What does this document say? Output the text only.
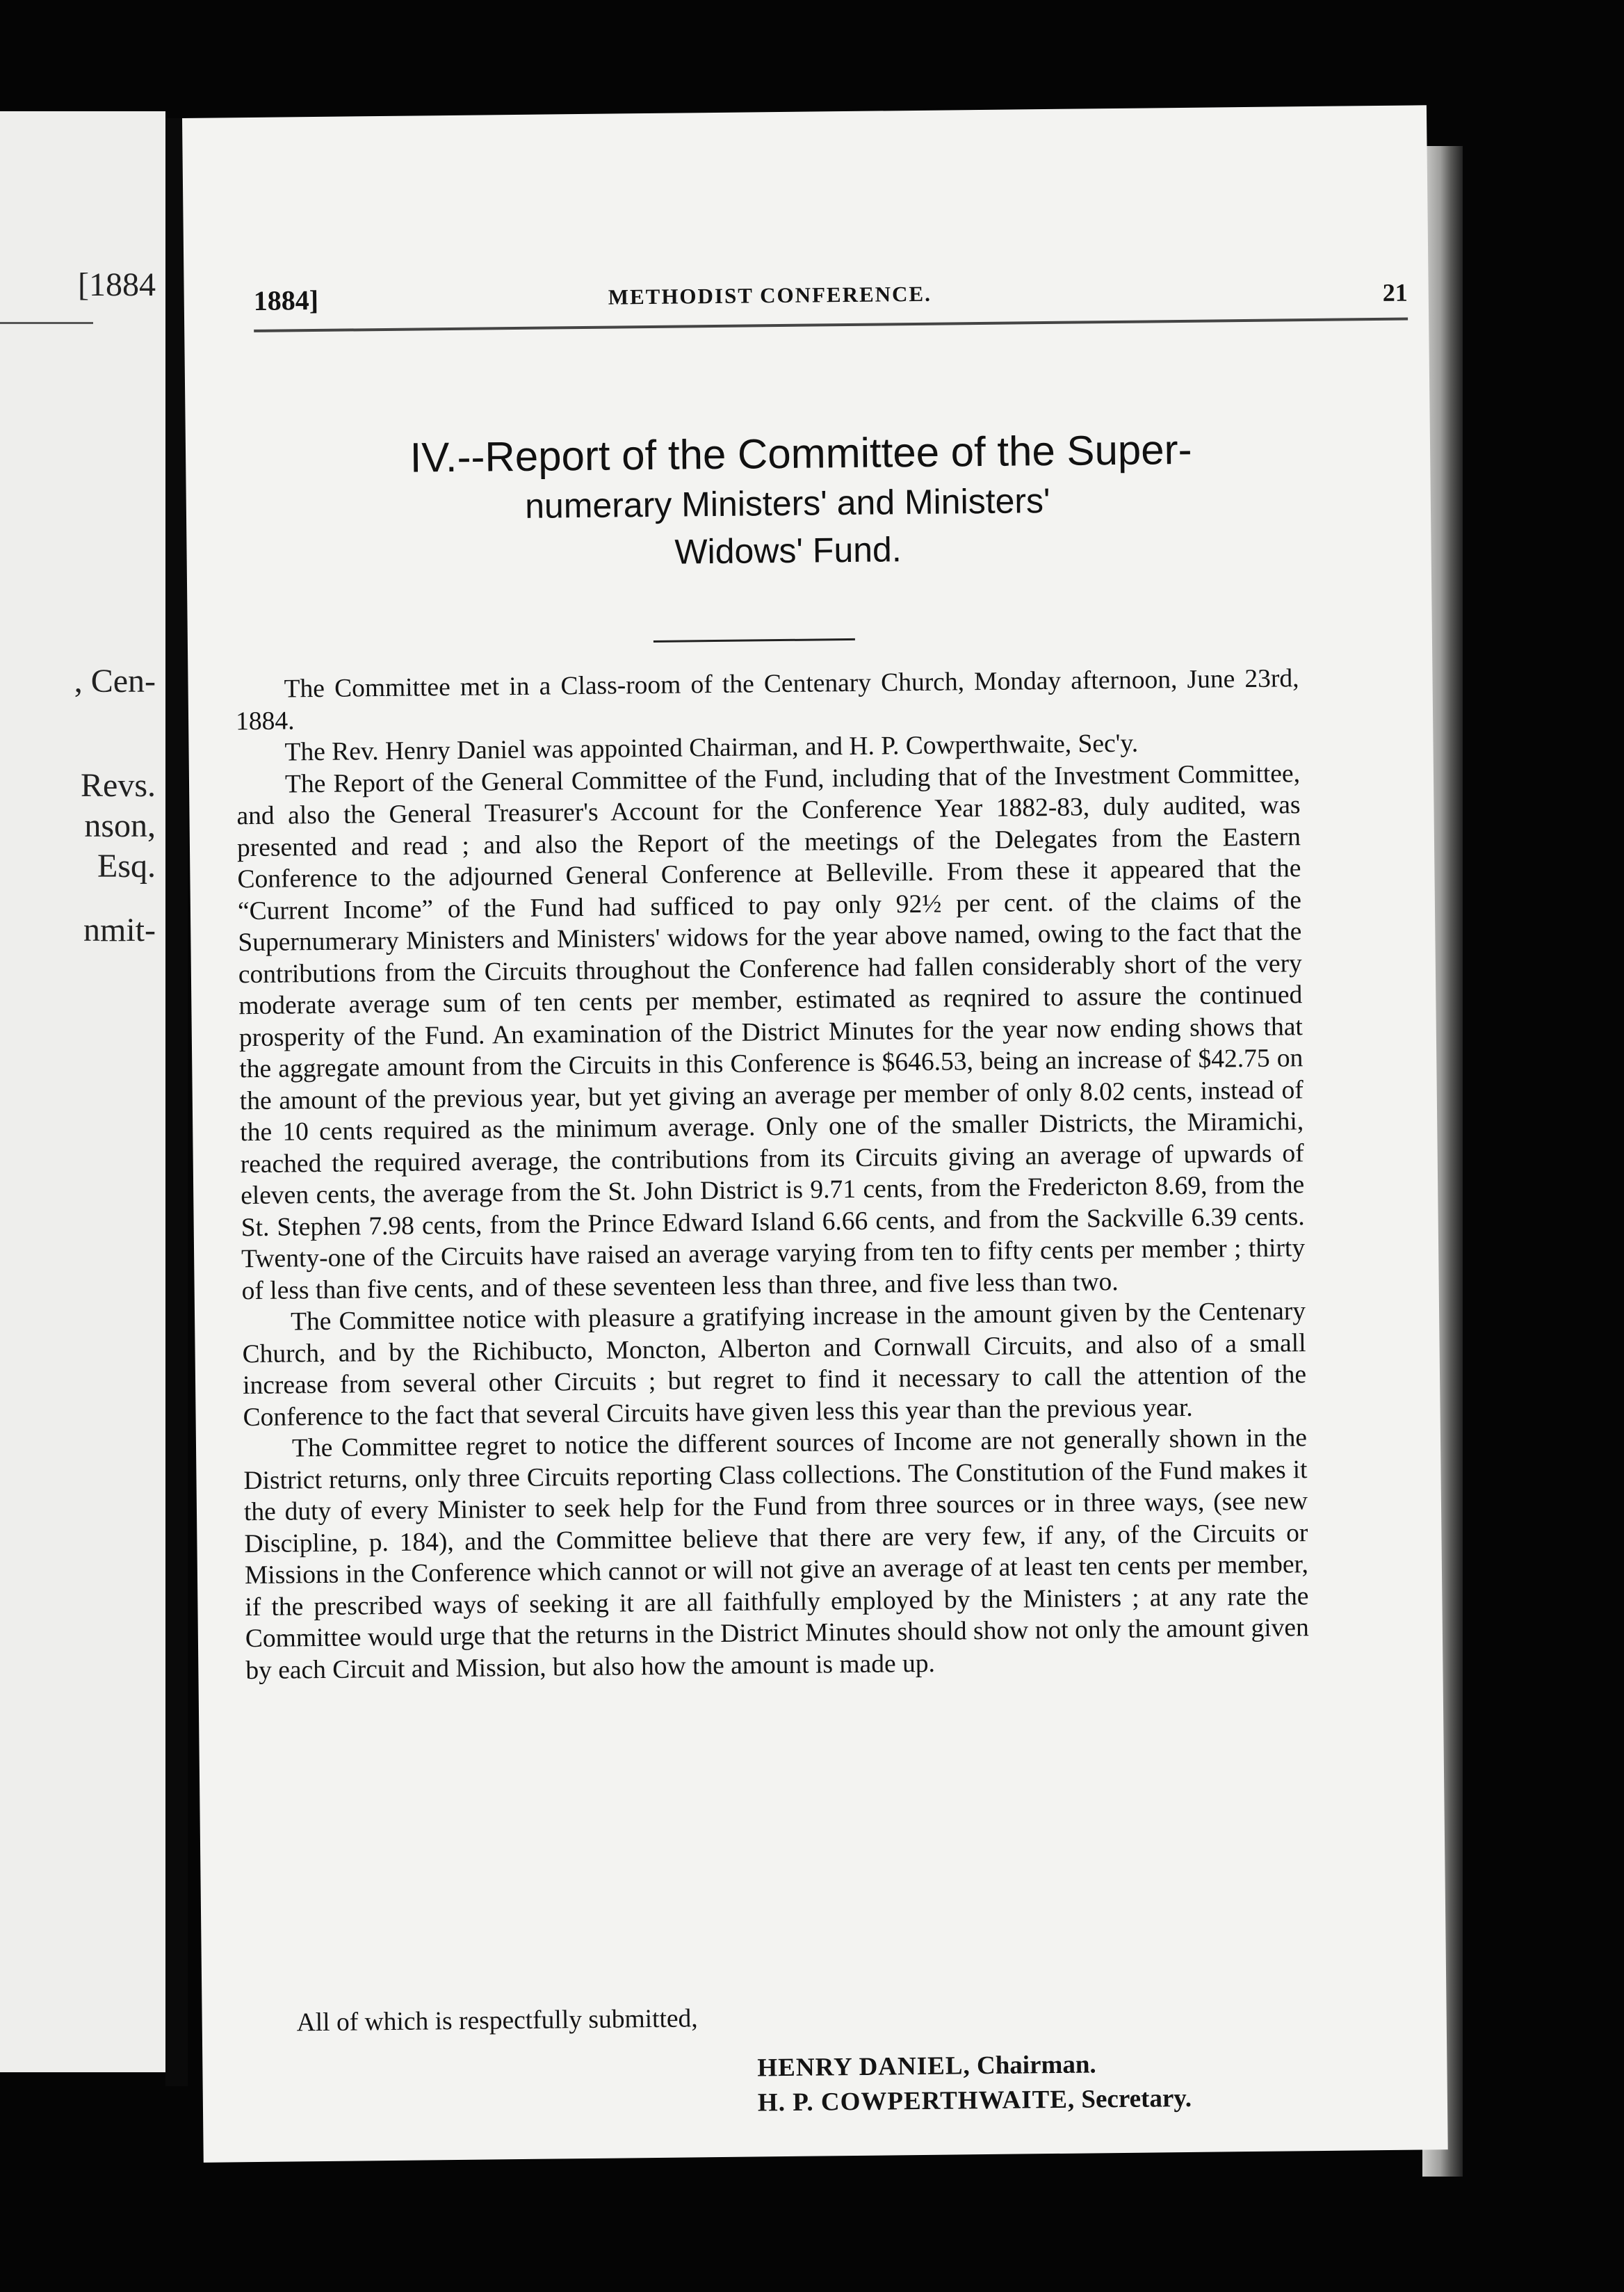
[1884
, Cen-
Revs.
nson,
Esq.
nmit-
1884]	METHODIST CONFERENCE.	21
IV.--Report of the Committee of the Super-
numerary Ministers' and Ministers'
Widows' Fund.

The Committee met in a Class-room of the Centenary Church, Monday afternoon, June 23rd, 1884.

The Rev. Henry Daniel was appointed Chairman, and H. P. Cowperthwaite, Sec'y.

The Report of the General Committee of the Fund, including that of the Investment Committee, and also the General Treasurer's Account for the Conference Year 1882-83, duly audited, was presented and read ; and also the Report of the meetings of the Delegates from the Eastern Conference to the adjourned General Conference at Belleville. From these it appeared that the “Current Income” of the Fund had sufficed to pay only 92½ per cent. of the claims of the Supernumerary Ministers and Ministers' widows for the year above named, owing to the fact that the contributions from the Circuits throughout the Conference had fallen considerably short of the very moderate average sum of ten cents per member, estimated as reqnired to assure the continued prosperity of the Fund. An examination of the District Minutes for the year now ending shows that the aggregate amount from the Circuits in this Conference is $646.53, being an increase of $42.75 on the amount of the previous year, but yet giving an average per member of only 8.02 cents, instead of the 10 cents required as the minimum average. Only one of the smaller Districts, the Miramichi, reached the required average, the contributions from its Circuits giving an average of upwards of eleven cents, the average from the St. John District is 9.71 cents, from the Fredericton 8.69, from the St. Stephen 7.98 cents, from the Prince Edward Island 6.66 cents, and from the Sackville 6.39 cents. Twenty-one of the Circuits have raised an average varying from ten to fifty cents per member ; thirty of less than five cents, and of these seventeen less than three, and five less than two.

The Committee notice with pleasure a gratifying increase in the amount given by the Centenary Church, and by the Richibucto, Moncton, Alberton and Cornwall Circuits, and also of a small increase from several other Circuits ; but regret to find it necessary to call the attention of the Conference to the fact that several Circuits have given less this year than the previous year.

The Committee regret to notice the different sources of Income are not generally shown in the District returns, only three Circuits reporting Class collections. The Constitution of the Fund makes it the duty of every Minister to seek help for the Fund from three sources or in three ways, (see new Discipline, p. 184), and the Committee believe that there are very few, if any, of the Circuits or Missions in the Conference which cannot or will not give an average of at least ten cents per member, if the prescribed ways of seeking it are all faithfully employed by the Ministers ; at any rate the Committee would urge that the returns in the District Minutes should show not only the amount given by each Circuit and Mission, but also how the amount is made up.

All of which is respectfully submitted,
HENRY DANIEL, Chairman.
H. P. COWPERTHWAITE, Secretary.
